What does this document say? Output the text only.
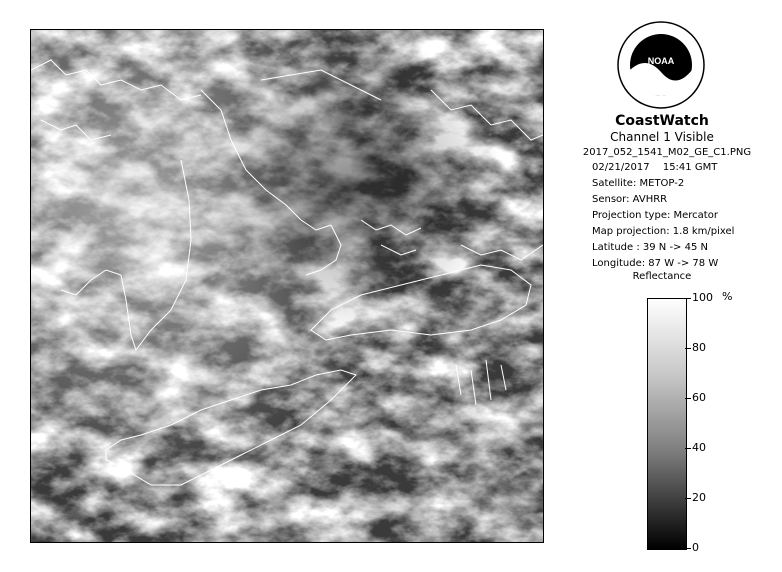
NOAA
CoastWatch
Channel 1 Visible
2017_052_1541_M02_GE_C1.PNG
02/21/2017 15:41 GMT
Satellite: METOP-2
Sensor: AVHRR
Projection type: Mercator
Map projection: 1.8 km/pixel
Latitude : 39 N -> 45 N
Longitude: 87 W -> 78 W
Reflectance
%
100
80
60
40
20
0
